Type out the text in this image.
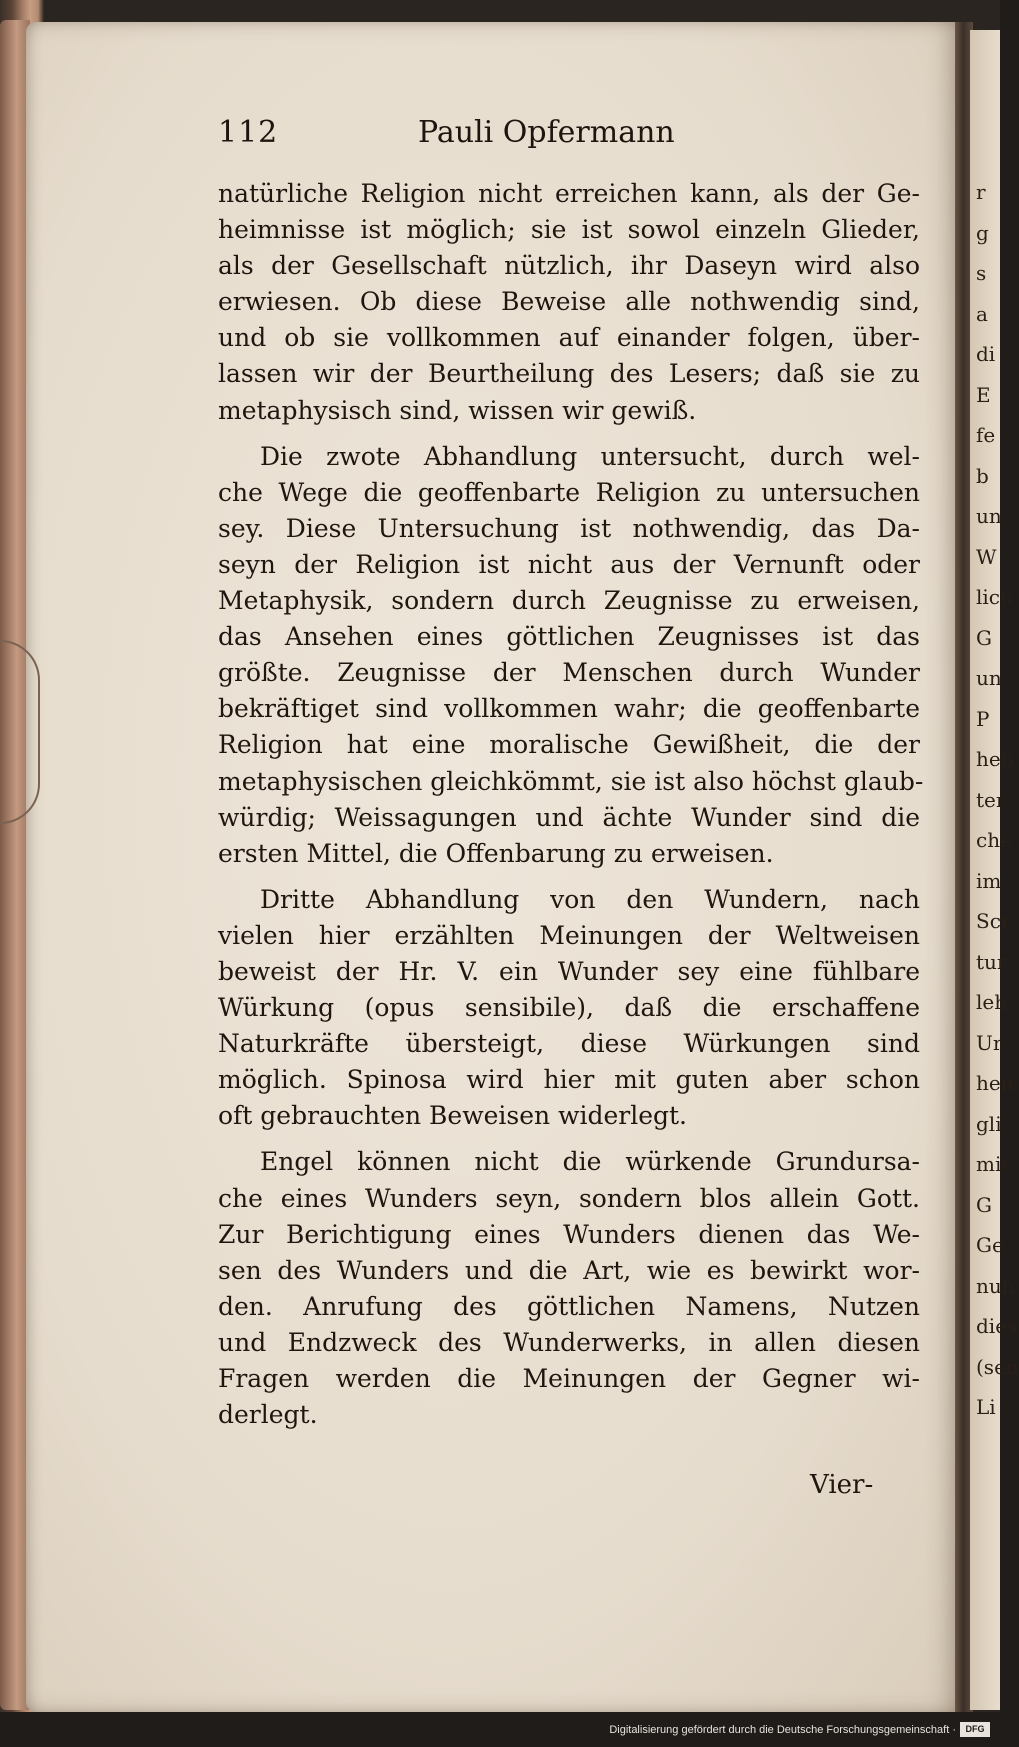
r
g
s
a
di
E
fe
b
un
W
lich
G
un
P
heb
ter
che
im
Scr
tur
leh
Ur
hen
gli
mit
G
Ge
nun
dies
(sen
Li
112	Pauli Opfermann
natürliche Religion nicht erreichen kann, als der Ge-
heimnisse ist möglich; sie ist sowol einzeln Glieder,
als der Gesellschaft nützlich, ihr Daseyn wird also
erwiesen. Ob diese Beweise alle nothwendig sind,
und ob sie vollkommen auf einander folgen, über-
lassen wir der Beurtheilung des Lesers; daß sie zu
metaphysisch sind, wissen wir gewiß.
Die zwote Abhandlung untersucht, durch wel-
che Wege die geoffenbarte Religion zu untersuchen
sey. Diese Untersuchung ist nothwendig, das Da-
seyn der Religion ist nicht aus der Vernunft oder
Metaphysik, sondern durch Zeugnisse zu erweisen,
das Ansehen eines göttlichen Zeugnisses ist das
größte. Zeugnisse der Menschen durch Wunder
bekräftiget sind vollkommen wahr; die geoffenbarte
Religion hat eine moralische Gewißheit, die der
metaphysischen gleichkömmt, sie ist also höchst glaub-
würdig; Weissagungen und ächte Wunder sind die
ersten Mittel, die Offenbarung zu erweisen.
Dritte Abhandlung von den Wundern, nach
vielen hier erzählten Meinungen der Weltweisen
beweist der Hr. V. ein Wunder sey eine fühlbare
Würkung (opus sensibile), daß die erschaffene
Naturkräfte übersteigt, diese Würkungen sind
möglich. Spinosa wird hier mit guten aber schon
oft gebrauchten Beweisen widerlegt.
Engel können nicht die würkende Grundursa-
che eines Wunders seyn, sondern blos allein Gott.
Zur Berichtigung eines Wunders dienen das We-
sen des Wunders und die Art, wie es bewirkt wor-
den. Anrufung des göttlichen Namens, Nutzen
und Endzweck des Wunderwerks, in allen diesen
Fragen werden die Meinungen der Gegner wi-
derlegt.
Vier-
Digitalisierung gefördert durch die Deutsche Forschungsgemeinschaft ·	DFG
